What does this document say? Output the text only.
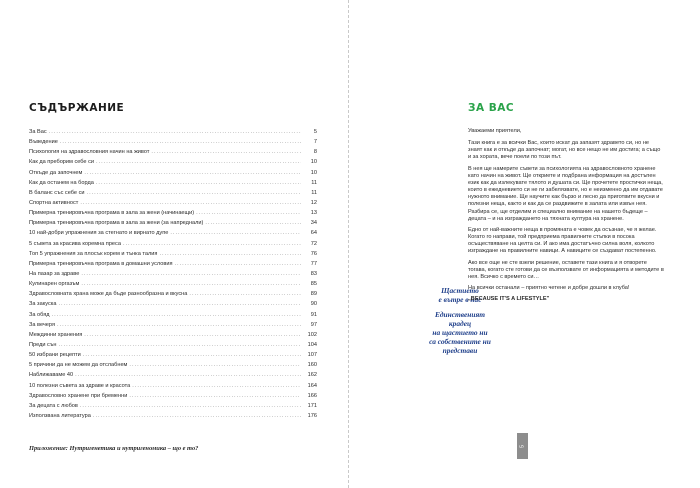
СЪДЪРЖАНИЕ
За Вас .....	5
Въведение .....	7
Психология на здравословния начин на живот .....	8
Как да преборим себе си .....	10
Откъде да започнем .....	10
Как да останем на борда .....	11
В баланс със себе си .....	11
Спортна активност .....	12
Примерна тренировъчна програма в зала за жени (начинаещи) .....	13
Примерна тренировъчна програма в зала за жени (за напреднали) .....	34
10 най-добри упражнения за стегнато и вирнато дупе .....	64
5 съвета за красива коремна преса .....	72
Топ 5 упражнения за плосък корем и тънка талия .....	76
Примерна тренировъчна програма в домашни условия .....	77
На пазар за здраве .....	83
Кулинарен оргазъм .....	85
Здравословната храна може да бъде разнообразна и вкусна .....	89
За закуска .....	90
За обяд .....	91
За вечеря .....	97
Междинни хранения .....	102
Преди сън .....	104
50 избрани рецепти .....	107
5 причини да не можем да отслабнем .....	160
Наближаваме 40 .....	162
10 полезни съвета за здраве и красота .....	164
Здравословно хранене при бременни .....	166
За децата с любов .....	171
Използвана литература .....	176
Приложение: Нутригенетика и нутригеномика – що е то?
Щастието
е вътре в нас
Единственият
крадец
на щастието ни
са собствените ни
представи
ЗА ВАС

Уважаеми приятели,

Тази книга е за всички Вас, които искат да запазят здравето си, но не знаят как и откъде да започнат; могат, но все нещо не им достига; а също и за хората, вече поели по този път.

В нея ще намерите съвети за психологията на здравословното хранене като начин на живот. Ще откриете и подбрана информация на достъпен език как да излекувате тялото и душата си. Ще прочетете простички неща, които в ежедневието си не ги забелязвате, но е неизменно да им отдавате нужното внимание. Ще научите как бързо и лесно да приготвите вкусни и полезни неща, както и как да се раздвижите в залата или извън нея. Разбира се, ще отделим и специално внимание на нашето бъдеще – децата – и на изграждането на тяхната култура на хранене.

Едно от най-важните неща в промяната е човек да осъзнае, че я желае. Когато го направи, той предприема правилните стъпки в посока осъществяване на целта си. И ако има достатъчно силна воля, колкото изграждане на правилните навици. А навиците се създават постепенно.

Ако все още не сте взели решение, оставете тази книга и я отворете тогава, когато сте готови да се възползвате от информацията и методите в нея. Всичко с времето си…

На всички останали – приятно четене и добре дошли в клуба!

„BECAUSE IT'S A LIFESTYLE"

5
